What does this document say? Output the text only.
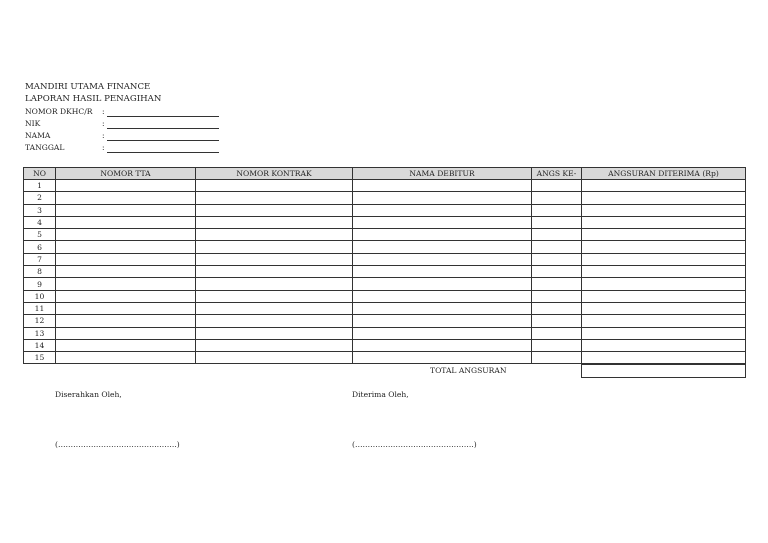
MANDIRI UTAMA FINANCE
LAPORAN HASIL PENAGIHAN
NOMOR DKHC/R :
NIK	:
NAMA	:
TANGGAL	:
NO	NOMOR TTA	NOMOR KONTRAK	NAMA DEBITUR	ANGS KE-	ANGSURAN DITERIMA (Rp)
1					
2					
3					
4					
5					
6					
7					
8					
9					
10					
11					
12					
13					
14					
15					
TOTAL ANGSURAN
Diserahkan Oleh,	Diterima Oleh,
(………………………………………..)	(………………………………………..)
